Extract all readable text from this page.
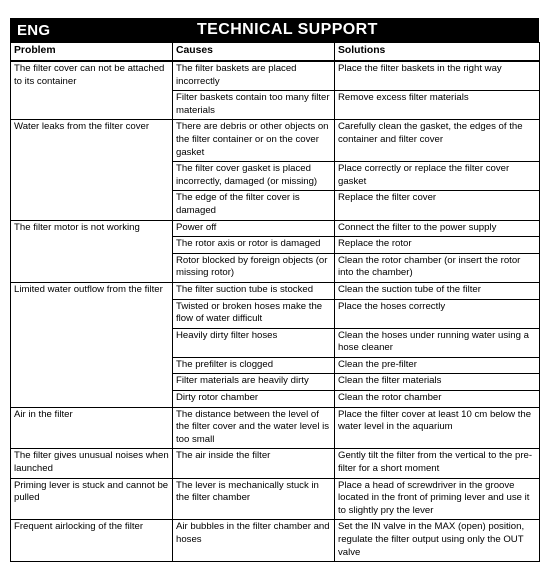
ENG	TECHNICAL SUPPORT
Problem	Causes	Solutions
The filter cover can not be attached to its container	The filter baskets are placed incorrectly	Place the filter baskets in the right way
	Filter baskets contain too many filter materials	Remove excess filter materials
Water leaks from the filter cover	There are debris or other objects on the filter container or on the cover gasket	Carefully clean the gasket, the edges of the container and filter cover
	The filter cover gasket is placed incorrectly, damaged (or missing)	Place correctly or replace the filter cover gasket
	The edge of the filter cover is damaged	Replace the filter cover
The filter motor is not working	Power off	Connect the filter to the power supply
	The rotor axis or rotor is damaged	Replace the rotor
	Rotor blocked by foreign objects (or missing rotor)	Clean the rotor chamber (or insert the rotor into the chamber)
Limited water outflow from the filter	The filter suction tube is stocked	Clean the suction tube of the filter
	Twisted or broken hoses make the flow of water difficult	Place the hoses correctly
	Heavily dirty filter hoses	Clean the hoses under running water using a hose cleaner
	The prefilter is clogged	Clean the pre-filter
	Filter materials are heavily dirty	Clean the filter materials
	Dirty rotor chamber	Clean the rotor chamber
Air in the filter	The distance between the level of the filter cover and the water level is too small	Place the filter cover at least 10 cm below the water level in the aquarium
The filter gives unusual noises when launched	The air inside the filter	Gently tilt the filter from the vertical to the pre-filter for a short moment
Priming lever is stuck and cannot be pulled	The lever is mechanically stuck in the filter chamber	Place a head of screwdriver in the groove located in the front of priming lever and use it to slightly pry the lever
Frequent airlocking of the filter	Air bubbles in the filter chamber and hoses	Set the IN valve in the MAX (open) position, regulate the filter output using only the OUT valve
